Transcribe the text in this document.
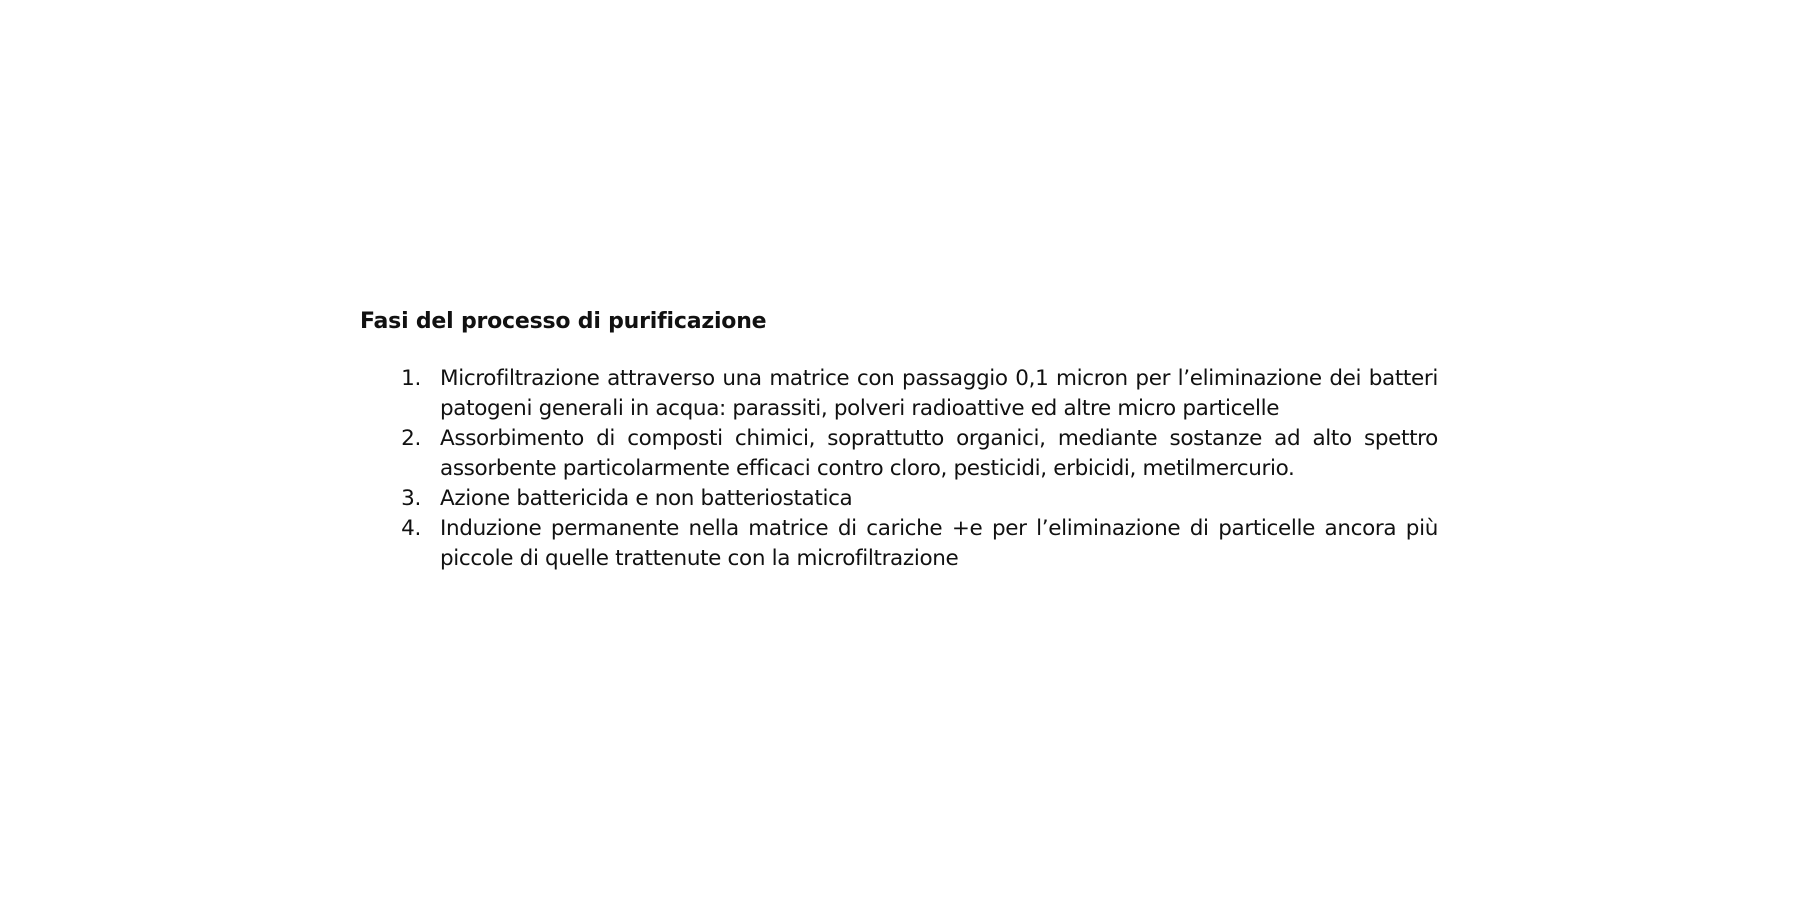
Fasi del processo di purificazione
1. Microfiltrazione attraverso una matrice con passaggio 0,1 micron per l’eliminazione dei batteri patogeni generali in acqua: parassiti, polveri radioattive ed altre micro particelle
2. Assorbimento di composti chimici, soprattutto organici, mediante sostanze ad alto spettro assorbente particolarmente efficaci contro cloro, pesticidi, erbicidi, metilmercurio.
3. Azione battericida e non batteriostatica
4. Induzione permanente nella matrice di cariche +e per l’eliminazione di particelle ancora più piccole di quelle trattenute con la microfiltrazione
